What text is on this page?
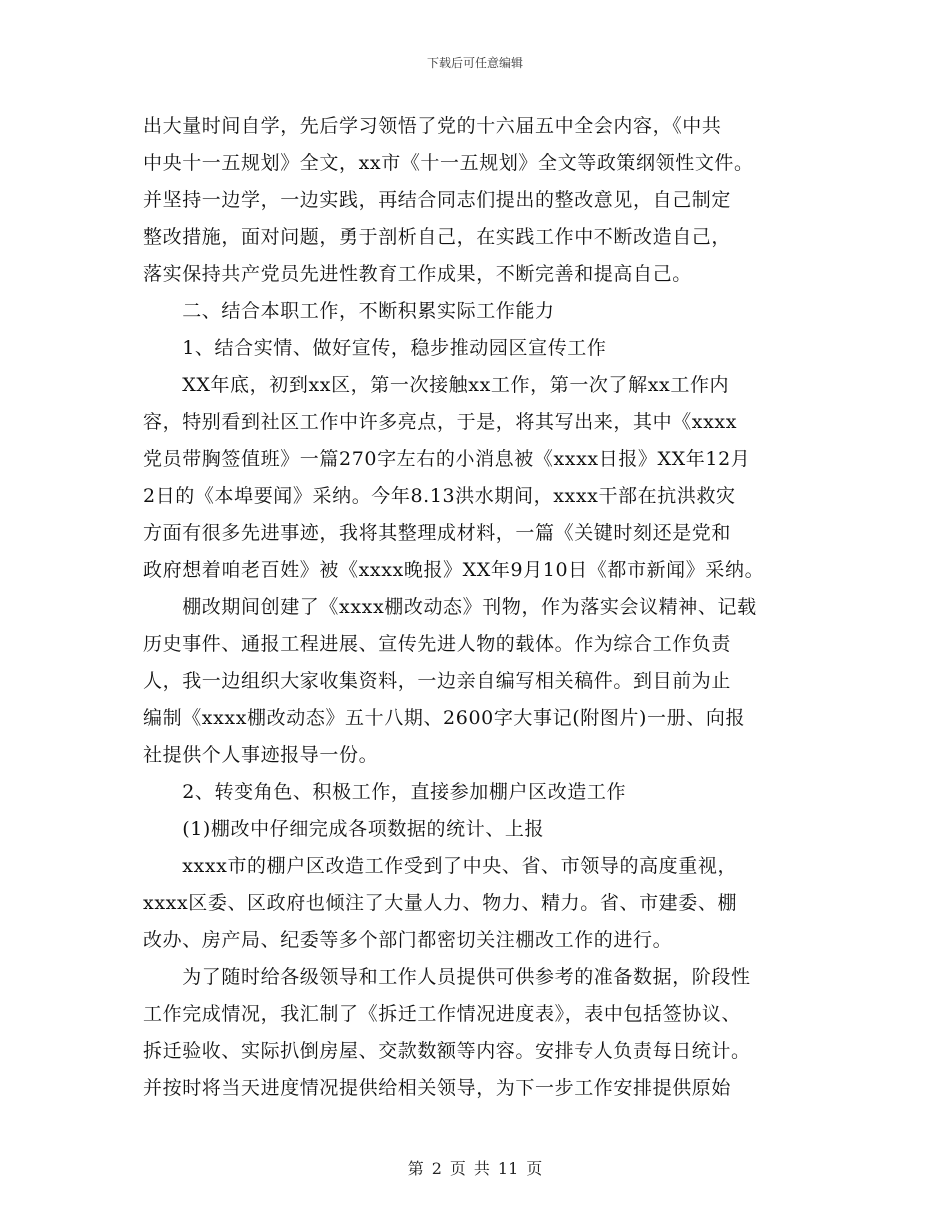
下载后可任意编辑
出大量时间自学，先后学习领悟了党的十六届五中全会内容，《中共
中央十一五规划》全文，xx市《十一五规划》全文等政策纲领性文件。
并坚持一边学，一边实践，再结合同志们提出的整改意见，自己制定
整改措施，面对问题，勇于剖析自己，在实践工作中不断改造自己，
落实保持共产党员先进性教育工作成果，不断完善和提高自己。
　　二、结合本职工作，不断积累实际工作能力
　　1、结合实情、做好宣传，稳步推动园区宣传工作
　　XX年底，初到xx区，第一次接触xx工作，第一次了解xx工作内
容，特别看到社区工作中许多亮点，于是，将其写出来，其中《xxxx
党员带胸签值班》一篇270字左右的小消息被《xxxx日报》XX年12月
2日的《本埠要闻》采纳。今年8.13洪水期间，xxxx干部在抗洪救灾
方面有很多先进事迹，我将其整理成材料，一篇《关键时刻还是党和
政府想着咱老百姓》被《xxxx晚报》XX年9月10日《都市新闻》采纳。
　　棚改期间创建了《xxxx棚改动态》刊物，作为落实会议精神、记载
历史事件、通报工程进展、宣传先进人物的载体。作为综合工作负责
人，我一边组织大家收集资料，一边亲自编写相关稿件。到目前为止
编制《xxxx棚改动态》五十八期、2600字大事记(附图片)一册、向报
社提供个人事迹报导一份。
　　2、转变角色、积极工作，直接参加棚户区改造工作
　　(1)棚改中仔细完成各项数据的统计、上报
　　xxxx市的棚户区改造工作受到了中央、省、市领导的高度重视，
xxxx区委、区政府也倾注了大量人力、物力、精力。省、市建委、棚
改办、房产局、纪委等多个部门都密切关注棚改工作的进行。
　　为了随时给各级领导和工作人员提供可供参考的准备数据，阶段性
工作完成情况，我汇制了《拆迁工作情况进度表》，表中包括签协议、
拆迁验收、实际扒倒房屋、交款数额等内容。安排专人负责每日统计。
并按时将当天进度情况提供给相关领导，为下一步工作安排提供原始
第 2 页 共 11 页
